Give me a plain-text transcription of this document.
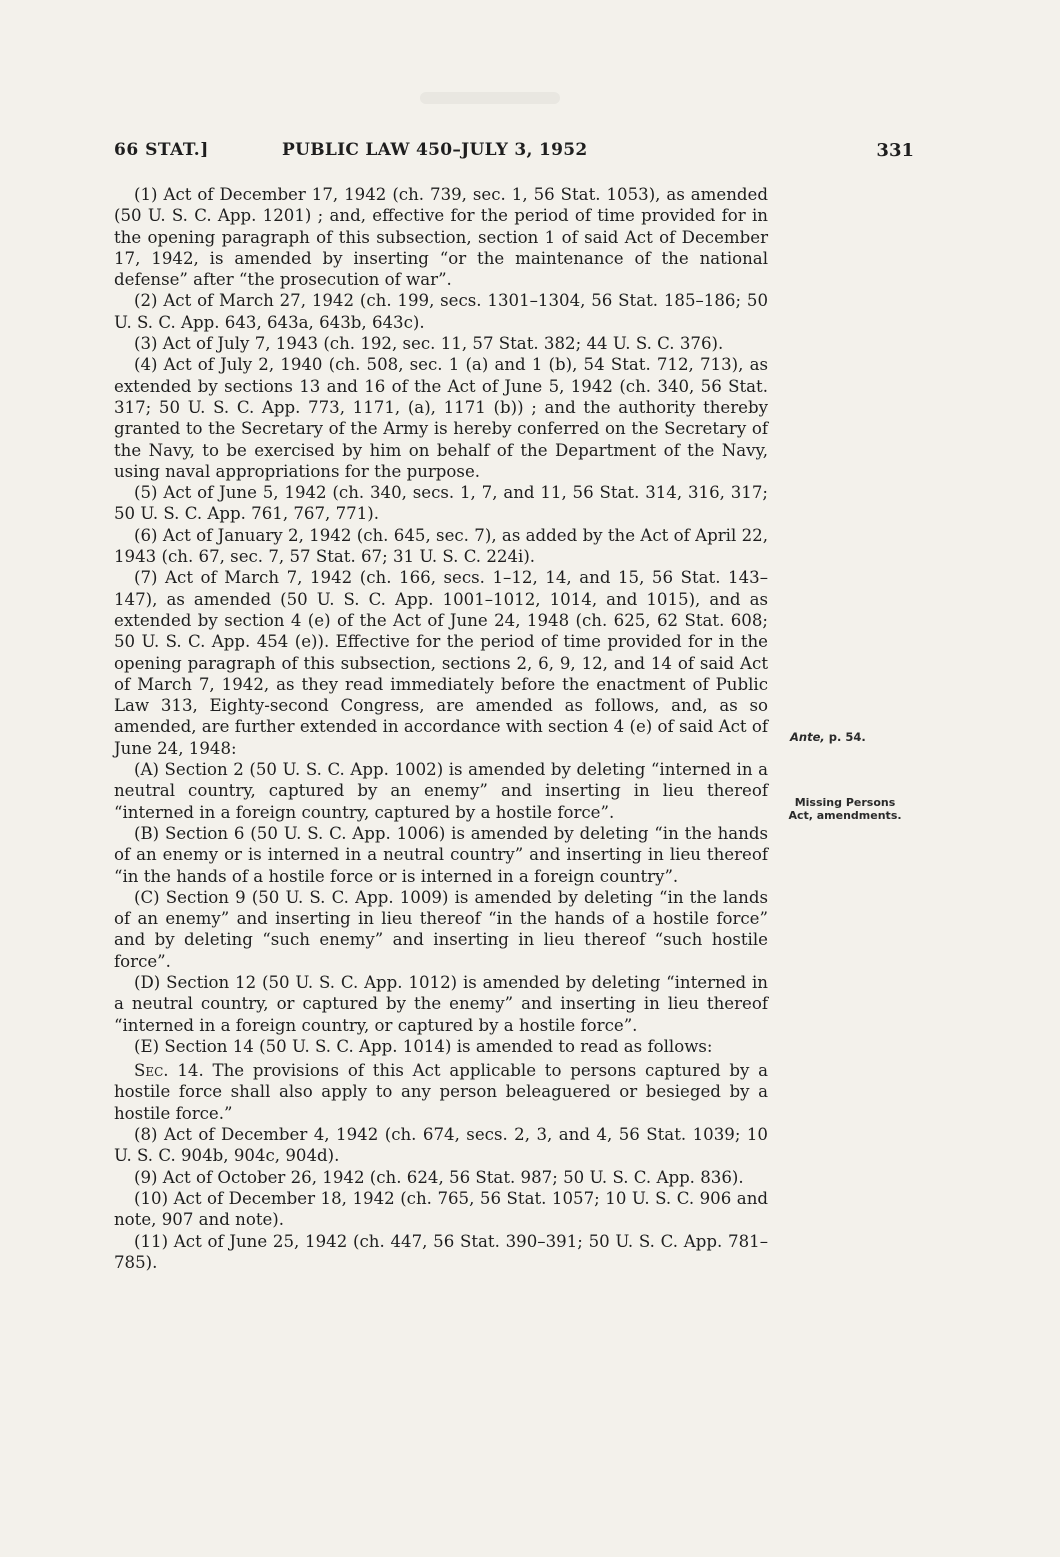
66 STAT.]	PUBLIC LAW 450–JULY 3, 1952	331

(1) Act of December 17, 1942 (ch. 739, sec. 1, 56 Stat. 1053), as amended (50 U. S. C. App. 1201) ; and, effective for the period of time provided for in the opening paragraph of this subsection, section 1 of said Act of December 17, 1942, is amended by inserting “or the maintenance of the national defense” after “the prosecution of war”.

(2) Act of March 27, 1942 (ch. 199, secs. 1301–1304, 56 Stat. 185–186; 50 U. S. C. App. 643, 643a, 643b, 643c).

(3) Act of July 7, 1943 (ch. 192, sec. 11, 57 Stat. 382; 44 U. S. C. 376).

(4) Act of July 2, 1940 (ch. 508, sec. 1 (a) and 1 (b), 54 Stat. 712, 713), as extended by sections 13 and 16 of the Act of June 5, 1942 (ch. 340, 56 Stat. 317; 50 U. S. C. App. 773, 1171, (a), 1171 (b)) ; and the authority thereby granted to the Secretary of the Army is hereby conferred on the Secretary of the Navy, to be exercised by him on behalf of the Department of the Navy, using naval appropriations for the purpose.

(5) Act of June 5, 1942 (ch. 340, secs. 1, 7, and 11, 56 Stat. 314, 316, 317; 50 U. S. C. App. 761, 767, 771).

(6) Act of January 2, 1942 (ch. 645, sec. 7), as added by the Act of April 22, 1943 (ch. 67, sec. 7, 57 Stat. 67; 31 U. S. C. 224i).

(7) Act of March 7, 1942 (ch. 166, secs. 1–12, 14, and 15, 56 Stat. 143–147), as amended (50 U. S. C. App. 1001–1012, 1014, and 1015), and as extended by section 4 (e) of the Act of June 24, 1948 (ch. 625, 62 Stat. 608; 50 U. S. C. App. 454 (e)). Effective for the period of time provided for in the opening paragraph of this subsection, sections 2, 6, 9, 12, and 14 of said Act of March 7, 1942, as they read immediately before the enactment of Public Law 313, Eighty-second Congress, are amended as follows, and, as so amended, are further extended in accordance with section 4 (e) of said Act of June 24, 1948:

(A) Section 2 (50 U. S. C. App. 1002) is amended by deleting “interned in a neutral country, captured by an enemy” and inserting in lieu thereof “interned in a foreign country, captured by a hostile force”.

(B) Section 6 (50 U. S. C. App. 1006) is amended by deleting “in the hands of an enemy or is interned in a neutral country” and inserting in lieu thereof “in the hands of a hostile force or is interned in a foreign country”.

(C) Section 9 (50 U. S. C. App. 1009) is amended by deleting “in the lands of an enemy” and inserting in lieu thereof “in the hands of a hostile force” and by deleting “such enemy” and inserting in lieu thereof “such hostile force”.

(D) Section 12 (50 U. S. C. App. 1012) is amended by deleting “interned in a neutral country, or captured by the enemy” and inserting in lieu thereof “interned in a foreign country, or captured by a hostile force”.

(E) Section 14 (50 U. S. C. App. 1014) is amended to read as follows:

Sec. 14. The provisions of this Act applicable to persons captured by a hostile force shall also apply to any person beleaguered or besieged by a hostile force.”

(8) Act of December 4, 1942 (ch. 674, secs. 2, 3, and 4, 56 Stat. 1039; 10 U. S. C. 904b, 904c, 904d).

(9) Act of October 26, 1942 (ch. 624, 56 Stat. 987; 50 U. S. C. App. 836).

(10) Act of December 18, 1942 (ch. 765, 56 Stat. 1057; 10 U. S. C. 906 and note, 907 and note).

(11) Act of June 25, 1942 (ch. 447, 56 Stat. 390–391; 50 U. S. C. App. 781–785).

Ante, p. 54.
Missing Persons
Act, amendments.
